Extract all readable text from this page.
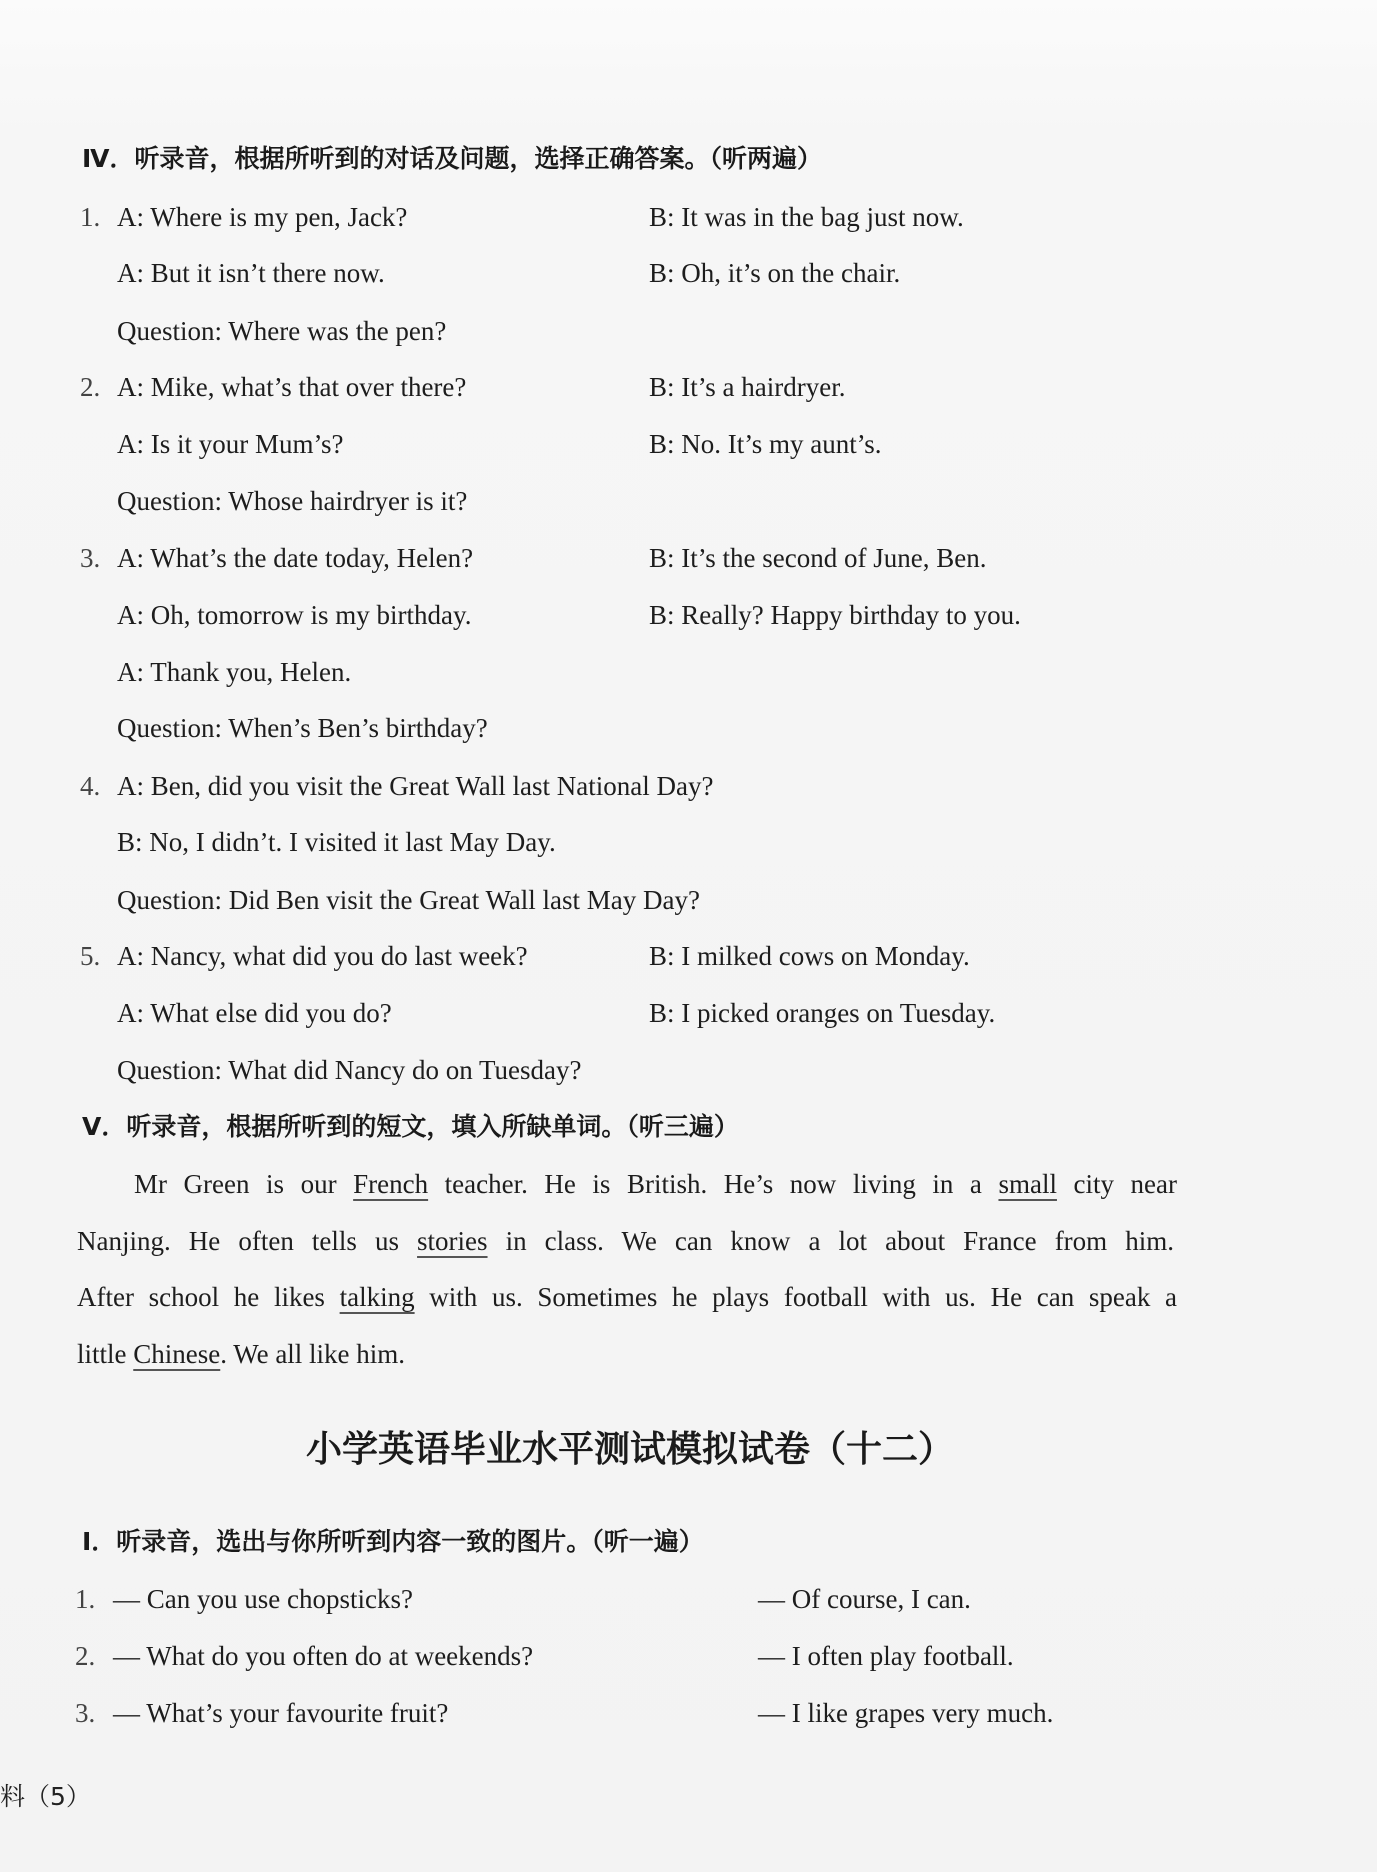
Ⅳ．听录音，根据所听到的对话及问题，选择正确答案。（听两遍）
1. A: Where is my pen, Jack?	B: It was in the bag just now.
A: But it isn’t there now.	B: Oh, it’s on the chair.
Question: Where was the pen?
2. A: Mike, what’s that over there?	B: It’s a hairdryer.
A: Is it your Mum’s?	B: No. It’s my aunt’s.
Question: Whose hairdryer is it?
3. A: What’s the date today, Helen?	B: It’s the second of June, Ben.
A: Oh, tomorrow is my birthday.	B: Really? Happy birthday to you.
A: Thank you, Helen.
Question: When’s Ben’s birthday?
4. A: Ben, did you visit the Great Wall last National Day?
B: No, I didn’t. I visited it last May Day.
Question: Did Ben visit the Great Wall last May Day?
5. A: Nancy, what did you do last week?	B: I milked cows on Monday.
A: What else did you do?	B: I picked oranges on Tuesday.
Question: What did Nancy do on Tuesday?
Ⅴ．听录音，根据所听到的短文，填入所缺单词。（听三遍）
Mr Green is our French teacher. He is British. He’s now living in a small city near
Nanjing. He often tells us stories in class. We can know a lot about France from him.
After school he likes talking with us. Sometimes he plays football with us. He can speak a
little Chinese. We all like him.
小学英语毕业水平测试模拟试卷（十二）
Ⅰ．听录音，选出与你所听到内容一致的图片。（听一遍）
1. — Can you use chopsticks?	— Of course, I can.
2. — What do you often do at weekends?	— I often play football.
3. — What’s your favourite fruit?	— I like grapes very much.
料（5）
